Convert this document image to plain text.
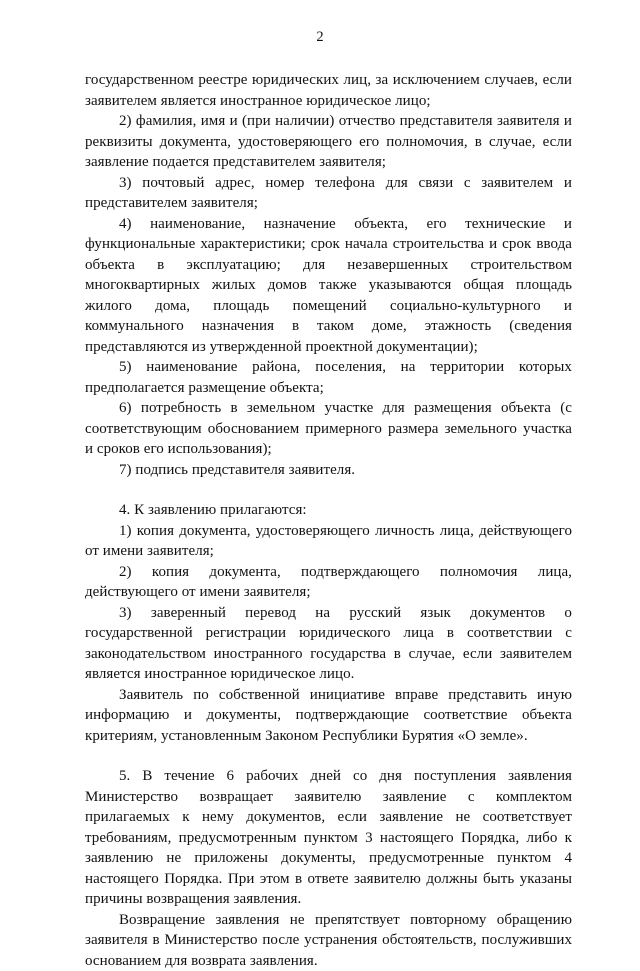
2

государственном реестре юридических лиц, за исключением случаев, если заявителем является иностранное юридическое лицо;

2) фамилия, имя и (при наличии) отчество представителя заявителя и реквизиты документа, удостоверяющего его полномочия, в случае, если заявление подается представителем заявителя;

3) почтовый адрес, номер телефона для связи с заявителем и представителем заявителя;

4) наименование, назначение объекта, его технические и функциональные характеристики; срок начала строительства и срок ввода объекта в эксплуатацию; для незавершенных строительством многоквартирных жилых домов также указываются общая площадь жилого дома, площадь помещений социально-культурного и коммунального назначения в таком доме, этажность (сведения представляются из утвержденной проектной документации);

5) наименование района, поселения, на территории которых предполагается размещение объекта;

6) потребность в земельном участке для размещения объекта (с соответствующим обоснованием примерного размера земельного участка и сроков его использования);

7) подпись представителя заявителя.

4. К заявлению прилагаются:

1) копия документа, удостоверяющего личность лица, действующего от имени заявителя;

2) копия документа, подтверждающего полномочия лица, действующего от имени заявителя;

3) заверенный перевод на русский язык документов о государственной регистрации юридического лица в соответствии с законодательством иностранного государства в случае, если заявителем является иностранное юридическое лицо.

Заявитель по собственной инициативе вправе представить иную информацию и документы, подтверждающие соответствие объекта критериям, установленным Законом Республики Бурятия «О земле».

5. В течение 6 рабочих дней со дня поступления заявления Министерство возвращает заявителю заявление с комплектом прилагаемых к нему документов, если заявление не соответствует требованиям, предусмотренным пунктом 3 настоящего Порядка, либо к заявлению не приложены документы, предусмотренные пунктом 4 настоящего Порядка. При этом в ответе заявителю должны быть указаны причины возвращения заявления.

Возвращение заявления не препятствует повторному обращению заявителя в Министерство после устранения обстоятельств, послуживших основанием для возврата заявления.
